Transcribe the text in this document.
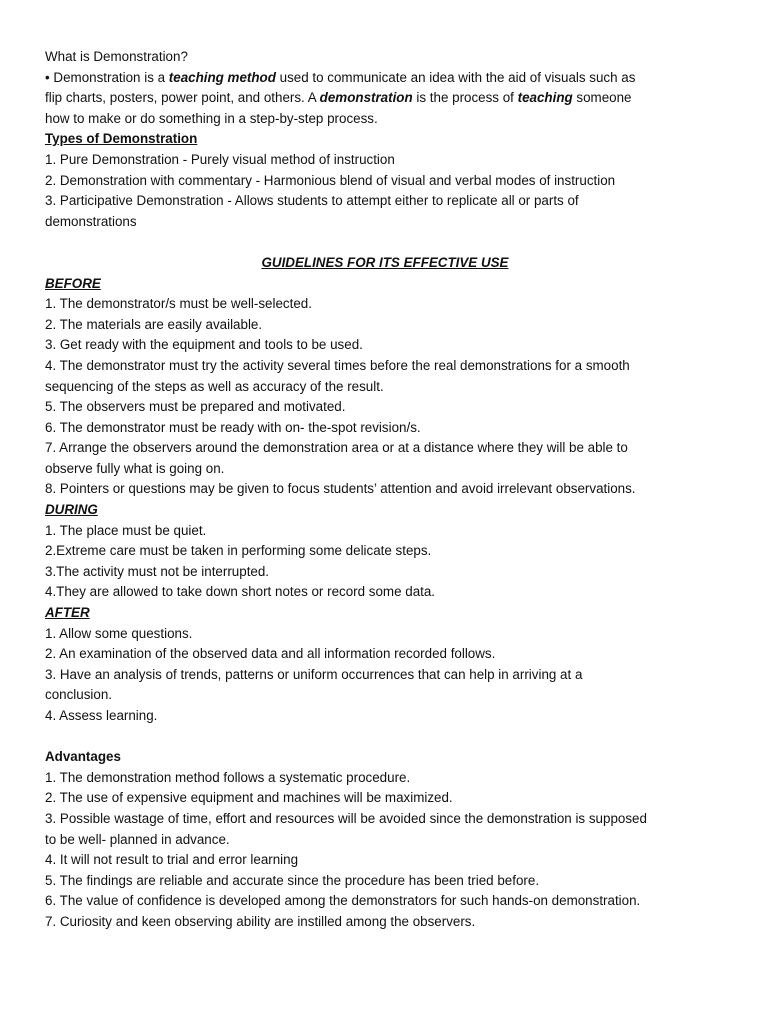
What is Demonstration?

• Demonstration is a teaching method used to communicate an idea with the aid of visuals such as

flip charts, posters, power point, and others. A demonstration is the process of teaching someone

how to make or do something in a step-by-step process.

Types of Demonstration

1. Pure Demonstration - Purely visual method of instruction

2. Demonstration with commentary - Harmonious blend of visual and verbal modes of instruction

3. Participative Demonstration - Allows students to attempt either to replicate all or parts of

demonstrations

GUIDELINES FOR ITS EFFECTIVE USE

BEFORE

1. The demonstrator/s must be well-selected.

2. The materials are easily available.

3. Get ready with the equipment and tools to be used.

4. The demonstrator must try the activity several times before the real demonstrations for a smooth

sequencing of the steps as well as accuracy of the result.

5. The observers must be prepared and motivated.

6. The demonstrator must be ready with on- the-spot revision/s.

7. Arrange the observers around the demonstration area or at a distance where they will be able to

observe fully what is going on.

8. Pointers or questions may be given to focus students’ attention and avoid irrelevant observations.

DURING

1. The place must be quiet.

2.Extreme care must be taken in performing some delicate steps.

3.The activity must not be interrupted.

4.They are allowed to take down short notes or record some data.

AFTER

1. Allow some questions.

2. An examination of the observed data and all information recorded follows.

3. Have an analysis of trends, patterns or uniform occurrences that can help in arriving at a

conclusion.

4. Assess learning.

Advantages

1. The demonstration method follows a systematic procedure.

2. The use of expensive equipment and machines will be maximized.

3. Possible wastage of time, effort and resources will be avoided since the demonstration is supposed

to be well- planned in advance.

4. It will not result to trial and error learning

5. The findings are reliable and accurate since the procedure has been tried before.

6. The value of confidence is developed among the demonstrators for such hands-on demonstration.

7. Curiosity and keen observing ability are instilled among the observers.
